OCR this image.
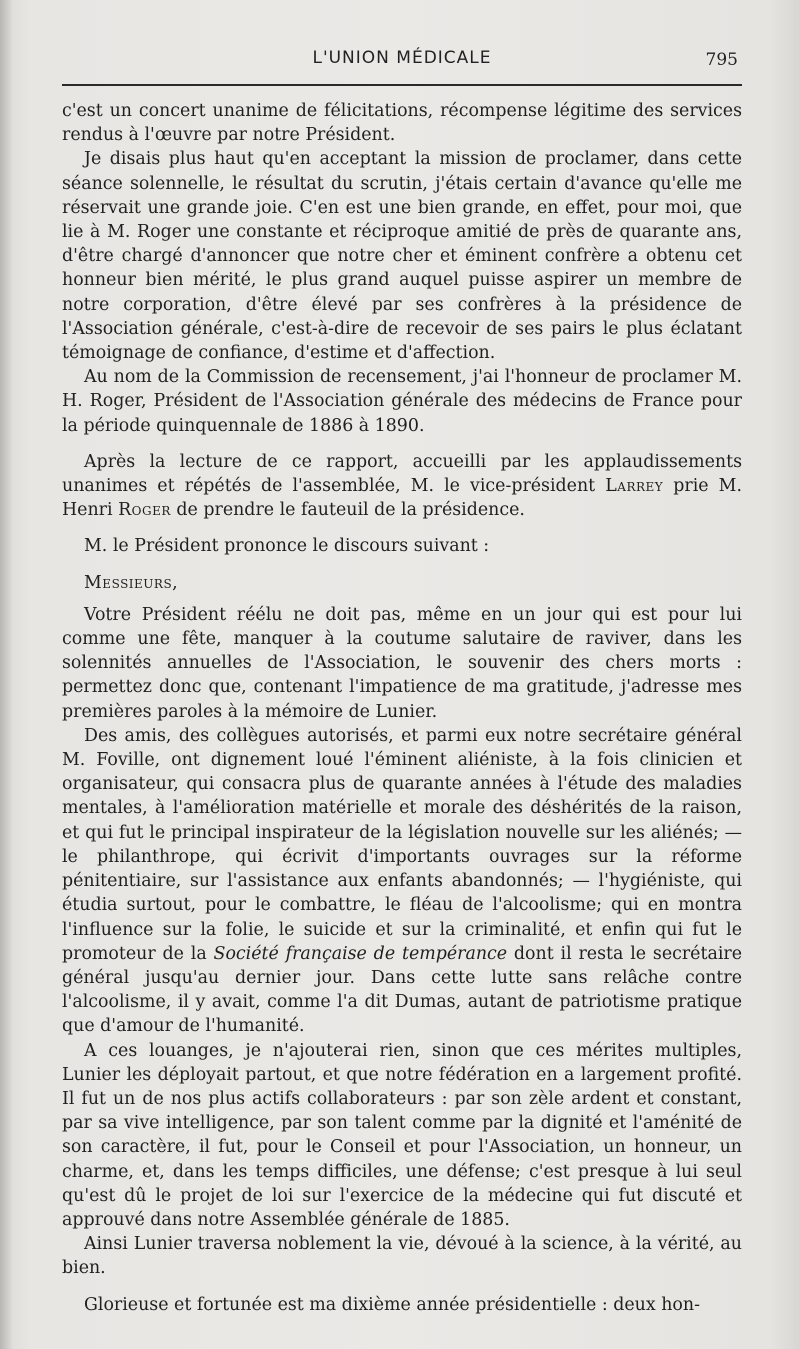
L'UNION MÉDICALE	795

c'est un concert unanime de félicitations, récompense légitime des services rendus à l'œuvre par notre Président.

Je disais plus haut qu'en acceptant la mission de proclamer, dans cette séance solennelle, le résultat du scrutin, j'étais certain d'avance qu'elle me réservait une grande joie. C'en est une bien grande, en effet, pour moi, que lie à M. Roger une constante et réciproque amitié de près de quarante ans, d'être chargé d'annoncer que notre cher et éminent confrère a obtenu cet honneur bien mérité, le plus grand auquel puisse aspirer un membre de notre corporation, d'être élevé par ses confrères à la présidence de l'Association générale, c'est-à-dire de recevoir de ses pairs le plus éclatant témoignage de confiance, d'estime et d'affection.

Au nom de la Commission de recensement, j'ai l'honneur de proclamer M. H. Roger, Président de l'Association générale des médecins de France pour la période quinquennale de 1886 à 1890.

Après la lecture de ce rapport, accueilli par les applaudissements unanimes et répétés de l'assemblée, M. le vice-président Larrey prie M. Henri Roger de prendre le fauteuil de la présidence.

M. le Président prononce le discours suivant :

Messieurs,

Votre Président réélu ne doit pas, même en un jour qui est pour lui comme une fête, manquer à la coutume salutaire de raviver, dans les solennités annuelles de l'Association, le souvenir des chers morts : permettez donc que, contenant l'impatience de ma gratitude, j'adresse mes premières paroles à la mémoire de Lunier.

Des amis, des collègues autorisés, et parmi eux notre secrétaire général M. Foville, ont dignement loué l'éminent aliéniste, à la fois clinicien et organisateur, qui consacra plus de quarante années à l'étude des maladies mentales, à l'amélioration matérielle et morale des déshérités de la raison, et qui fut le principal inspirateur de la législation nouvelle sur les aliénés; — le philanthrope, qui écrivit d'importants ouvrages sur la réforme pénitentiaire, sur l'assistance aux enfants abandonnés; — l'hygiéniste, qui étudia surtout, pour le combattre, le fléau de l'alcoolisme; qui en montra l'influence sur la folie, le suicide et sur la criminalité, et enfin qui fut le promoteur de la Société française de tempérance dont il resta le secrétaire général jusqu'au dernier jour. Dans cette lutte sans relâche contre l'alcoolisme, il y avait, comme l'a dit Dumas, autant de patriotisme pratique que d'amour de l'humanité.

A ces louanges, je n'ajouterai rien, sinon que ces mérites multiples, Lunier les déployait partout, et que notre fédération en a largement profité. Il fut un de nos plus actifs collaborateurs : par son zèle ardent et constant, par sa vive intelligence, par son talent comme par la dignité et l'aménité de son caractère, il fut, pour le Conseil et pour l'Association, un honneur, un charme, et, dans les temps difficiles, une défense; c'est presque à lui seul qu'est dû le projet de loi sur l'exercice de la médecine qui fut discuté et approuvé dans notre Assemblée générale de 1885.

Ainsi Lunier traversa noblement la vie, dévoué à la science, à la vérité, au bien.

Glorieuse et fortunée est ma dixième année présidentielle : deux hon-
